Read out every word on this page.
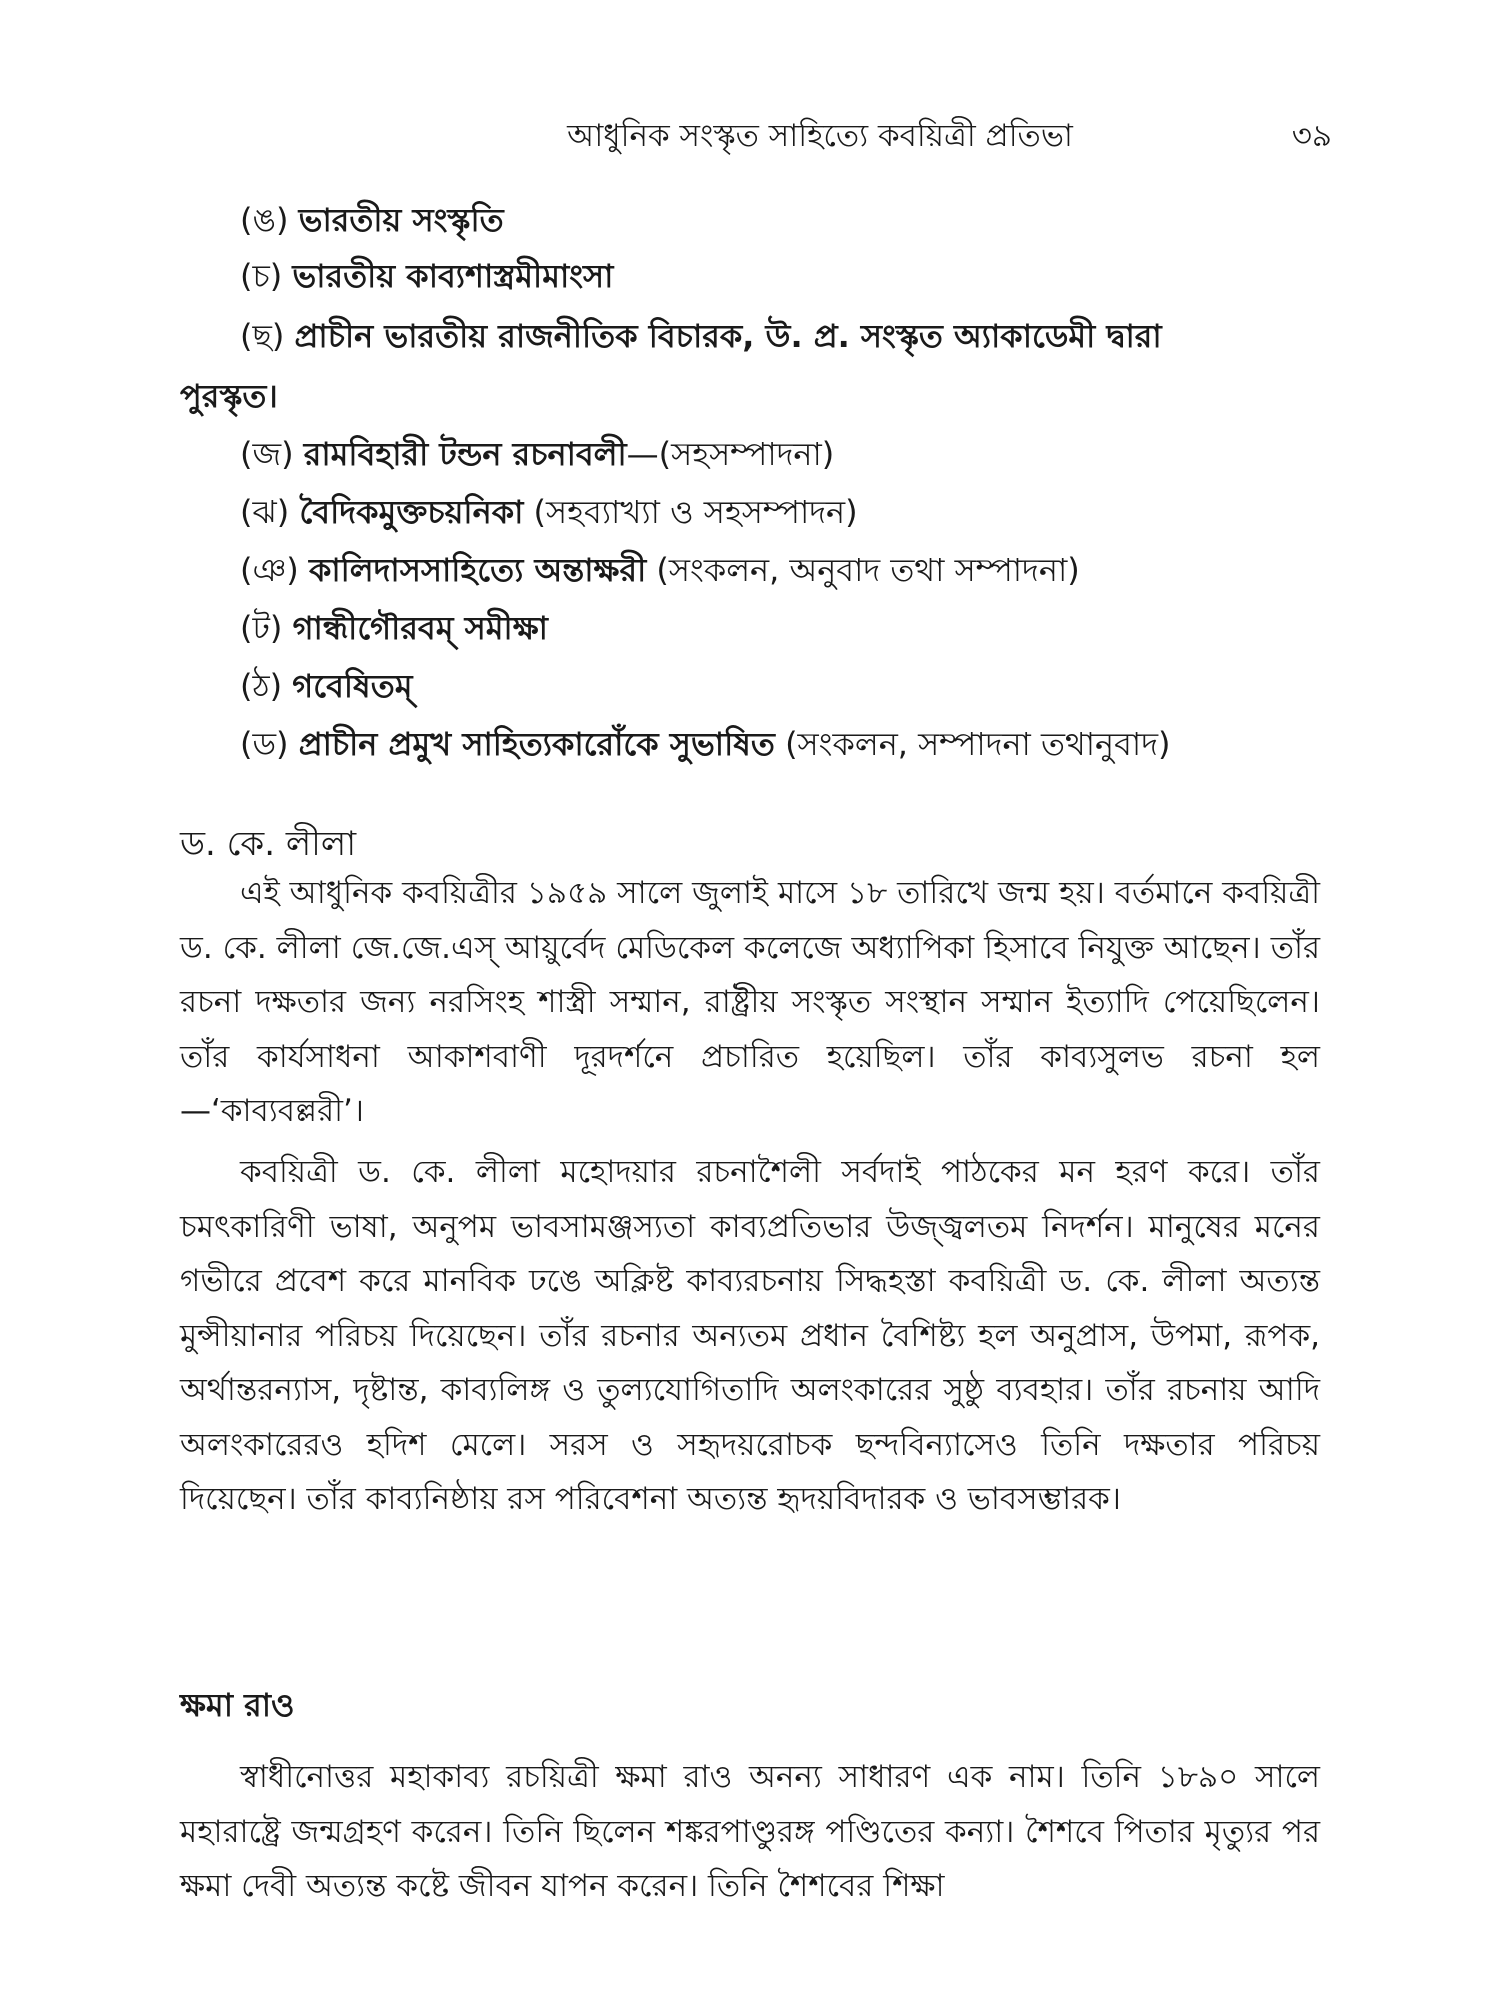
আধুনিক সংস্কৃত সাহিত্যে কবয়িত্রী প্রতিভা	৩৯
(ঙ) ভারতীয় সংস্কৃতি
(চ) ভারতীয় কাব্যশাস্ত্রমীমাংসা
(ছ) প্রাচীন ভারতীয় রাজনীতিক বিচারক, উ. প্র. সংস্কৃত অ্যাকাডেমী দ্বারা
পুরস্কৃত।
(জ) রামবিহারী টন্ডন রচনাবলী—(সহসম্পাদনা)
(ঝ) বৈদিকমুক্তচয়নিকা (সহব্যাখ্যা ও সহসম্পাদন)
(ঞ) কালিদাসসাহিত্যে অন্তাক্ষরী (সংকলন, অনুবাদ তথা সম্পাদনা)
(ট) গান্ধীগৌরবম্ সমীক্ষা
(ঠ) গবেষিতম্
(ড) প্রাচীন প্রমুখ সাহিত্যকারোঁকে সুভাষিত (সংকলন, সম্পাদনা তথানুবাদ)
ড. কে. লীলা

এই আধুনিক কবয়িত্রীর ১৯৫৯ সালে জুলাই মাসে ১৮ তারিখে জন্ম হয়। বর্তমানে কবয়িত্রী ড. কে. লীলা জে.জে.এস্ আয়ুর্বেদ মেডিকেল কলেজে অধ্যাপিকা হিসাবে নিযুক্ত আছেন। তাঁর রচনা দক্ষতার জন্য নরসিংহ শাস্ত্রী সম্মান, রাষ্ট্রীয় সংস্কৃত সংস্থান সম্মান ইত্যাদি পেয়েছিলেন। তাঁর কার্যসাধনা আকাশবাণী দূরদর্শনে প্রচারিত হয়েছিল। তাঁর কাব্যসুলভ রচনা হল—‘কাব্যবল্লরী’।

কবয়িত্রী ড. কে. লীলা মহোদয়ার রচনাশৈলী সর্বদাই পাঠকের মন হরণ করে। তাঁর চমৎকারিণী ভাষা, অনুপম ভাবসামঞ্জস্যতা কাব্যপ্রতিভার উজ্জ্বলতম নিদর্শন। মানুষের মনের গভীরে প্রবেশ করে মানবিক ঢঙে অক্লিষ্ট কাব্যরচনায় সিদ্ধহস্তা কবয়িত্রী ড. কে. লীলা অত্যন্ত মুন্সীয়ানার পরিচয় দিয়েছেন। তাঁর রচনার অন্যতম প্রধান বৈশিষ্ট্য হল অনুপ্রাস, উপমা, রূপক, অর্থান্তরন্যাস, দৃষ্টান্ত, কাব্যলিঙ্গ ও তুল্যযোগিতাদি অলংকারের সুষ্ঠু ব্যবহার। তাঁর রচনায় আদি অলংকারেরও হদিশ মেলে। সরস ও সহৃদয়রোচক ছন্দবিন্যাসেও তিনি দক্ষতার পরিচয় দিয়েছেন। তাঁর কাব্যনিষ্ঠায় রস পরিবেশনা অত্যন্ত হৃদয়বিদারক ও ভাবসম্ভারক।

ক্ষমা রাও

স্বাধীনোত্তর মহাকাব্য রচয়িত্রী ক্ষমা রাও অনন্য সাধারণ এক নাম। তিনি ১৮৯০ সালে মহারাষ্ট্রে জন্মগ্রহণ করেন। তিনি ছিলেন শঙ্করপাণ্ডুরঙ্গ পণ্ডিতের কন্যা। শৈশবে পিতার মৃত্যুর পর ক্ষমা দেবী অত্যন্ত কষ্টে জীবন যাপন করেন। তিনি শৈশবের শিক্ষা
